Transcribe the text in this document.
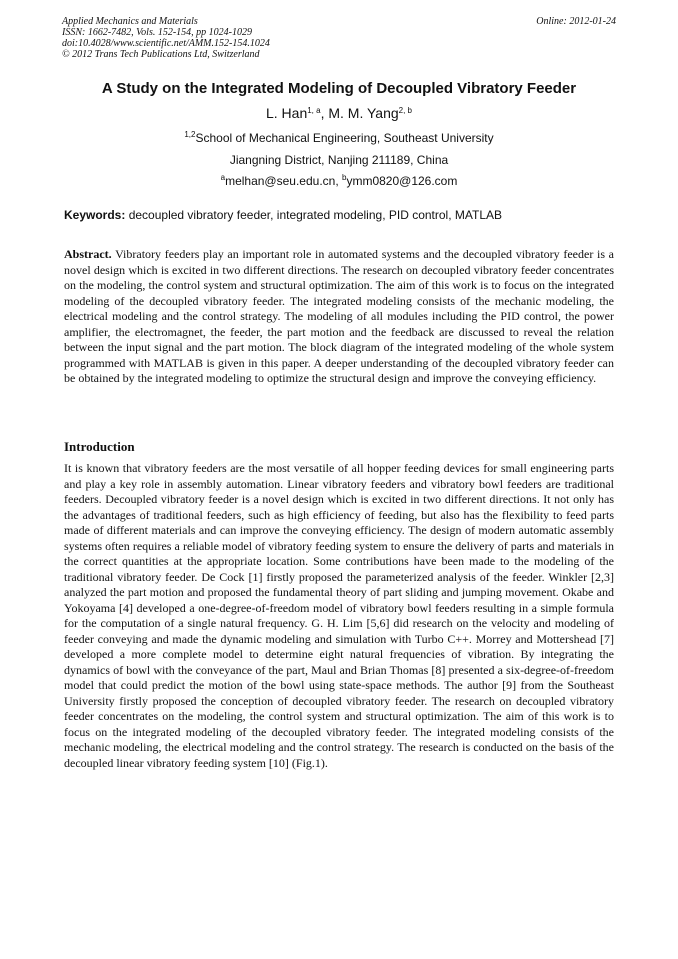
Applied Mechanics and Materials
ISSN: 1662-7482, Vols. 152-154, pp 1024-1029
doi:10.4028/www.scientific.net/AMM.152-154.1024
© 2012 Trans Tech Publications Ltd, Switzerland
Online: 2012-01-24
A Study on the Integrated Modeling of Decoupled Vibratory Feeder
L. Han$^{1, a}$, M. M. Yang$^{2, b}$
$^{1,2}$School of Mechanical Engineering, Southeast University
Jiangning District, Nanjing 211189, China
$^a$melhan@seu.edu.cn, $^b$ymm0820@126.com
Keywords: decoupled vibratory feeder, integrated modeling, PID control, MATLAB
Abstract. Vibratory feeders play an important role in automated systems and the decoupled vibratory feeder is a novel design which is excited in two different directions. The research on decoupled vibratory feeder concentrates on the modeling, the control system and structural optimization. The aim of this work is to focus on the integrated modeling of the decoupled vibratory feeder. The integrated modeling consists of the mechanic modeling, the electrical modeling and the control strategy. The modeling of all modules including the PID control, the power amplifier, the electromagnet, the feeder, the part motion and the feedback are discussed to reveal the relation between the input signal and the part motion. The block diagram of the integrated modeling of the whole system programmed with MATLAB is given in this paper. A deeper understanding of the decoupled vibratory feeder can be obtained by the integrated modeling to optimize the structural design and improve the conveying efficiency.
Introduction
It is known that vibratory feeders are the most versatile of all hopper feeding devices for small engineering parts and play a key role in assembly automation. Linear vibratory feeders and vibratory bowl feeders are traditional feeders. Decoupled vibratory feeder is a novel design which is excited in two different directions. It not only has the advantages of traditional feeders, such as high efficiency of feeding, but also has the flexibility to feed parts made of different materials and can improve the conveying efficiency. The design of modern automatic assembly systems often requires a reliable model of vibratory feeding system to ensure the delivery of parts and materials in the correct quantities at the appropriate location. Some contributions have been made to the modeling of the traditional vibratory feeder. De Cock [1] firstly proposed the parameterized analysis of the feeder. Winkler [2,3] analyzed the part motion and proposed the fundamental theory of part sliding and jumping movement. Okabe and Yokoyama [4] developed a one-degree-of-freedom model of vibratory bowl feeders resulting in a simple formula for the computation of a single natural frequency. G. H. Lim [5,6] did research on the velocity and modeling of feeder conveying and made the dynamic modeling and simulation with Turbo C++. Morrey and Mottershead [7] developed a more complete model to determine eight natural frequencies of vibration. By integrating the dynamics of bowl with the conveyance of the part, Maul and Brian Thomas [8] presented a six-degree-of-freedom model that could predict the motion of the bowl using state-space methods. The author [9] from the Southeast University firstly proposed the conception of decoupled vibratory feeder. The research on decoupled vibratory feeder concentrates on the modeling, the control system and structural optimization. The aim of this work is to focus on the integrated modeling of the decoupled vibratory feeder. The integrated modeling consists of the mechanic modeling, the electrical modeling and the control strategy. The research is conducted on the basis of the decoupled linear vibratory feeding system [10] (Fig.1).
